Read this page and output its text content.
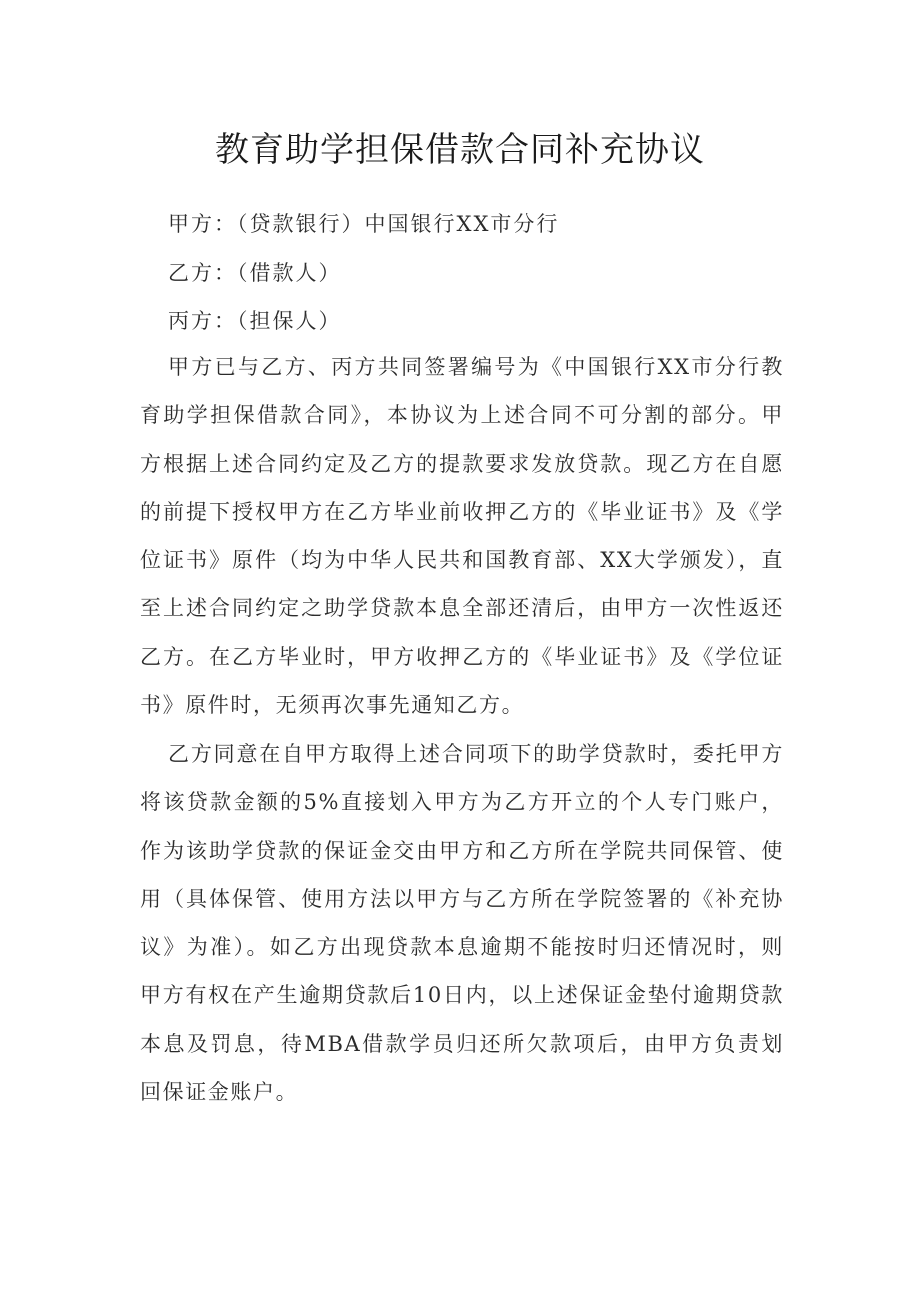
教育助学担保借款合同补充协议

甲方：（贷款银行）中国银行XX市分行

乙方：（借款人）

丙方：（担保人）

甲方已与乙方、丙方共同签署编号为《中国银行XX市分行教育助学担保借款合同》，本协议为上述合同不可分割的部分。甲方根据上述合同约定及乙方的提款要求发放贷款。现乙方在自愿的前提下授权甲方在乙方毕业前收押乙方的《毕业证书》及《学位证书》原件（均为中华人民共和国教育部、XX大学颁发），直至上述合同约定之助学贷款本息全部还清后，由甲方一次性返还乙方。在乙方毕业时，甲方收押乙方的《毕业证书》及《学位证书》原件时，无须再次事先通知乙方。

乙方同意在自甲方取得上述合同项下的助学贷款时，委托甲方将该贷款金额的5%直接划入甲方为乙方开立的个人专门账户，作为该助学贷款的保证金交由甲方和乙方所在学院共同保管、使用（具体保管、使用方法以甲方与乙方所在学院签署的《补充协议》为准）。如乙方出现贷款本息逾期不能按时归还情况时，则甲方有权在产生逾期贷款后10日内，以上述保证金垫付逾期贷款本息及罚息，待MBA借款学员归还所欠款项后，由甲方负责划回保证金账户。
